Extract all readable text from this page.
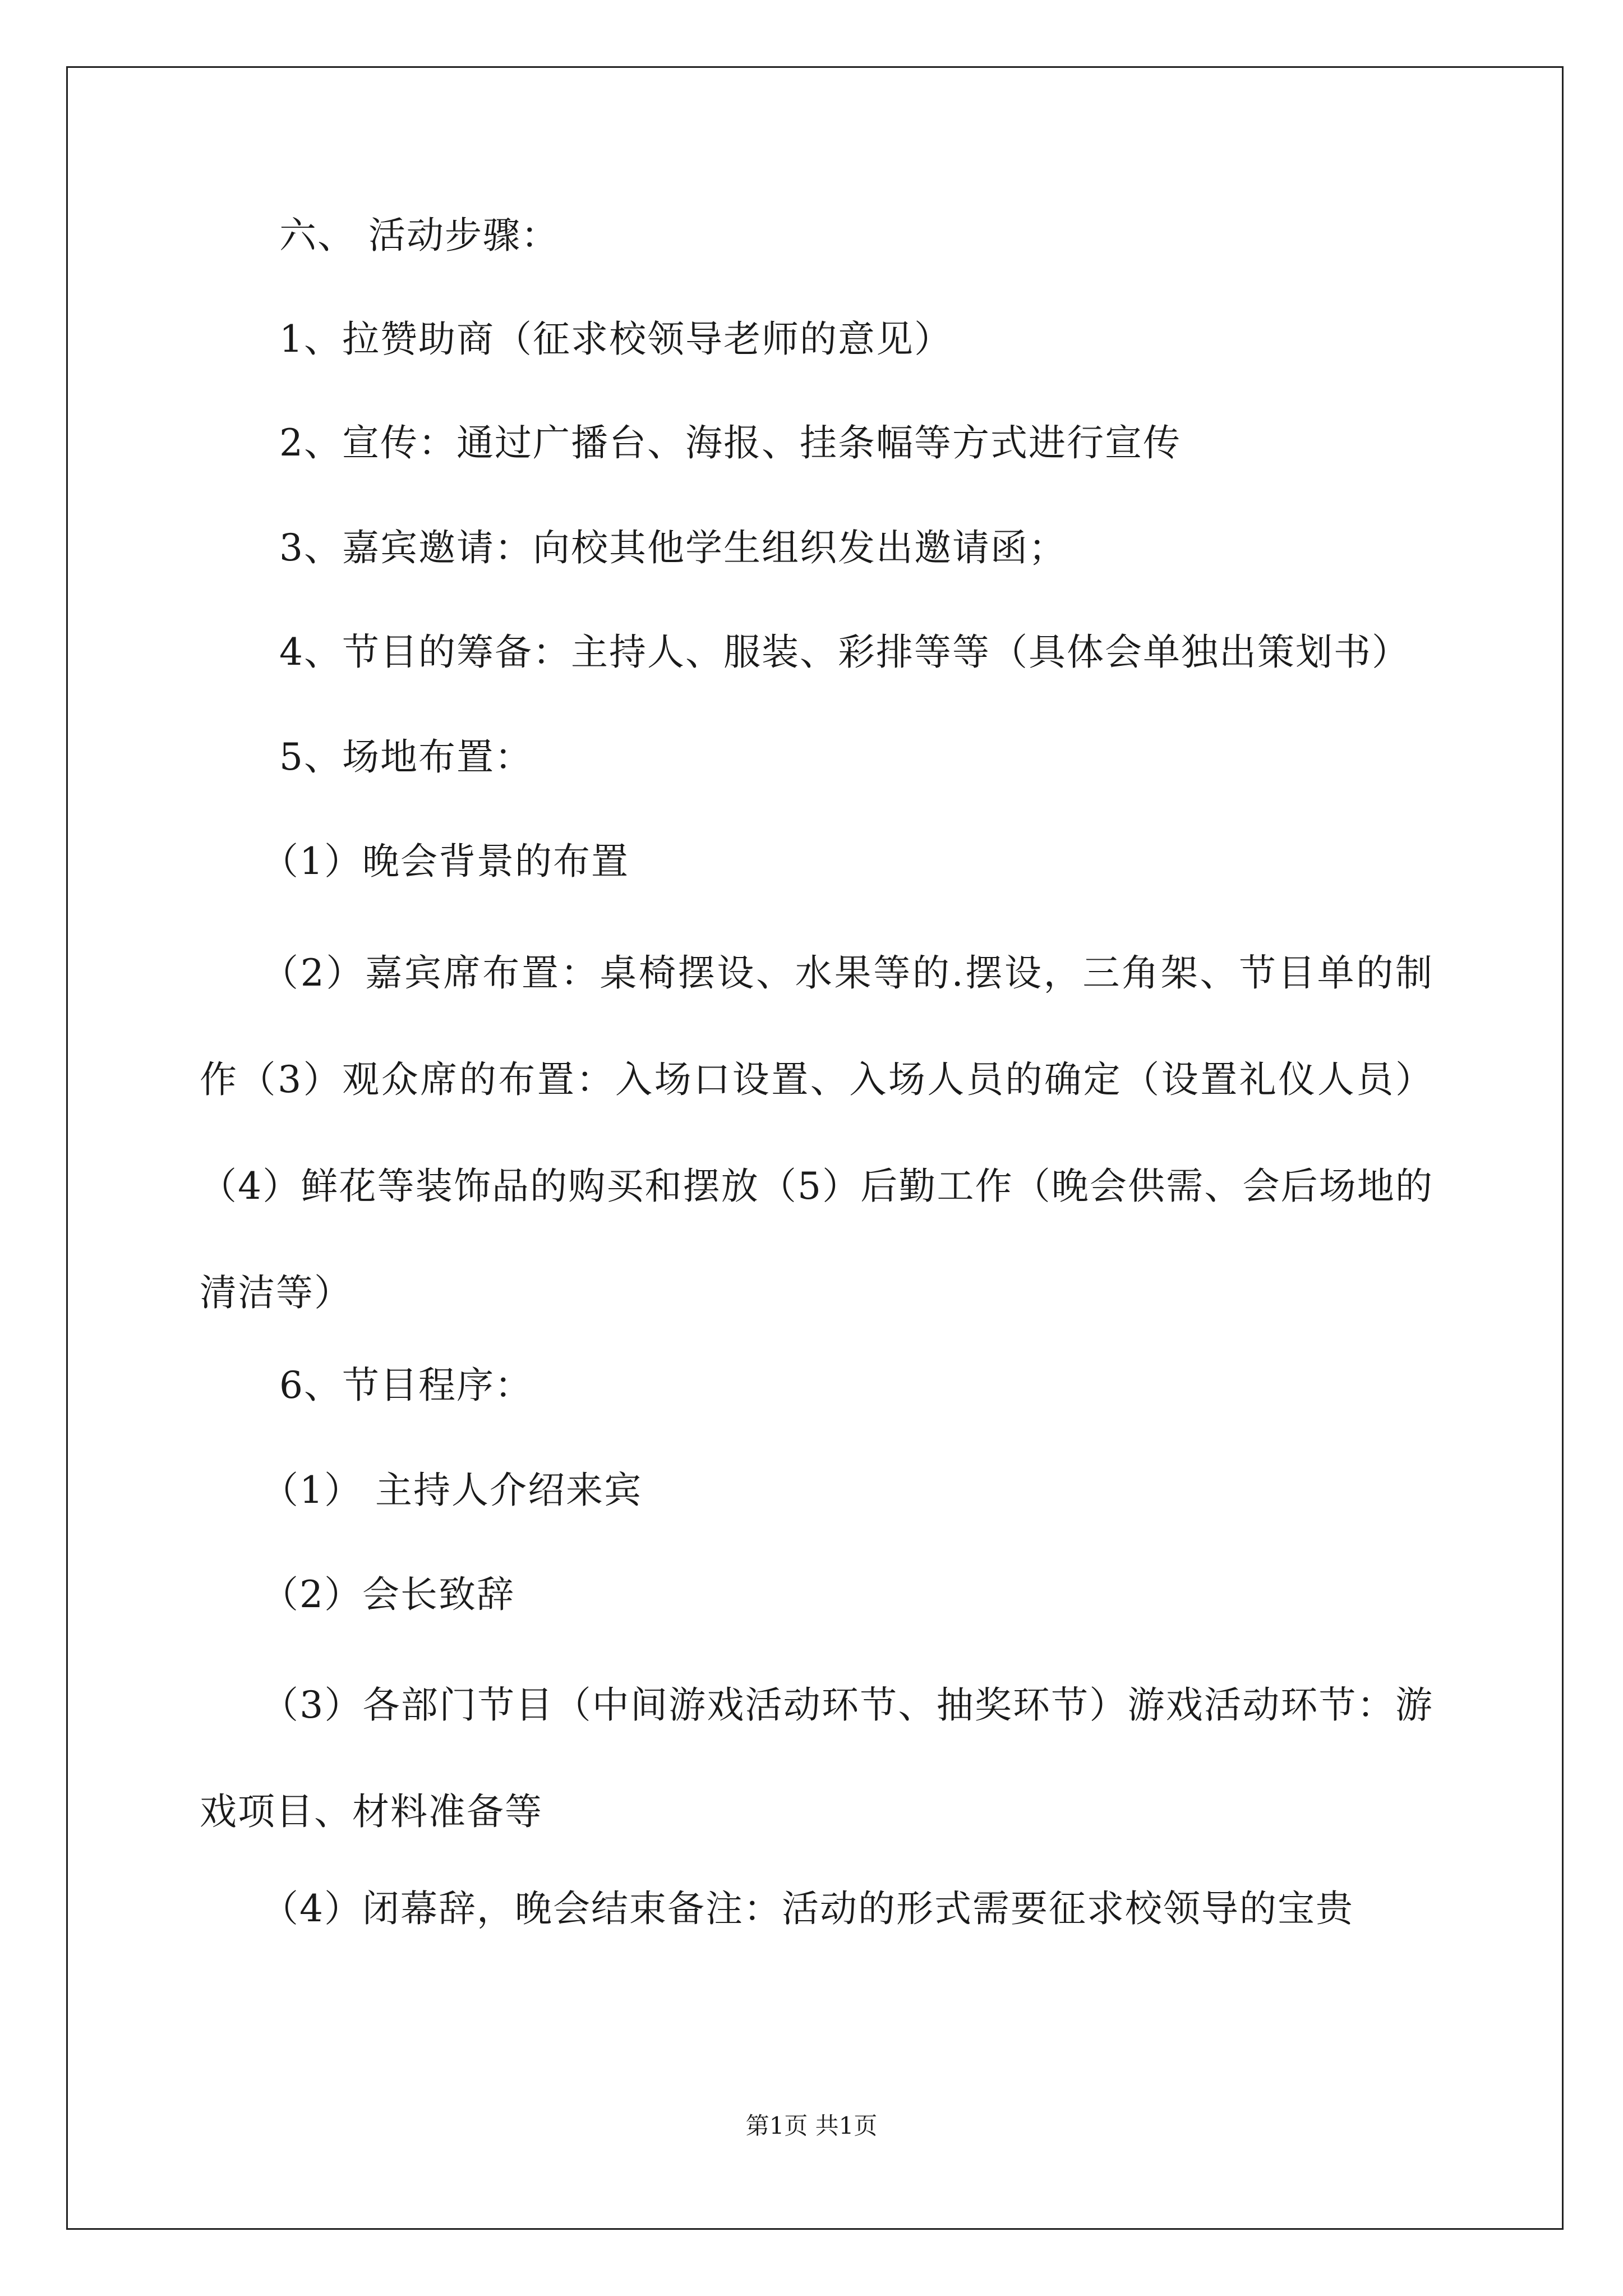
六、 活动步骤：
1、拉赞助商（征求校领导老师的意见）
2、宣传：通过广播台、海报、挂条幅等方式进行宣传
3、嘉宾邀请：向校其他学生组织发出邀请函；
4、节目的筹备：主持人、服装、彩排等等（具体会单独出策划书）
5、场地布置：
（1）晚会背景的布置
（2）嘉宾席布置：桌椅摆设、水果等的.摆设，三角架、节目单的制作（3）观众席的布置：入场口设置、入场人员的确定（设置礼仪人员）（4）鲜花等装饰品的购买和摆放（5）后勤工作（晚会供需、会后场地的清洁等）
6、节目程序：
（1） 主持人介绍来宾
（2）会长致辞
（3）各部门节目（中间游戏活动环节、抽奖环节）游戏活动环节：游戏项目、材料准备等
（4）闭幕辞，晚会结束备注：活动的形式需要征求校领导的宝贵
第1页 共1页
